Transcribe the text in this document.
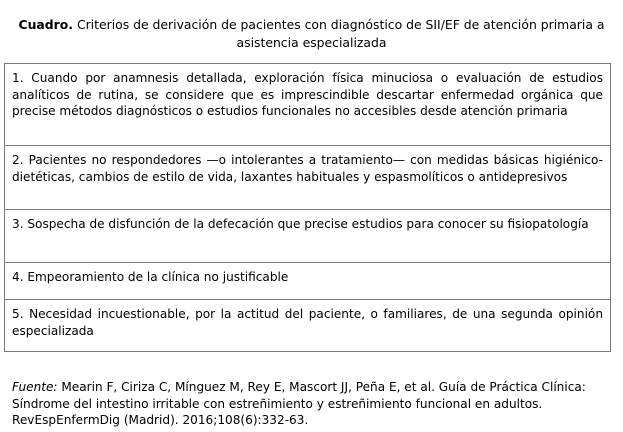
Cuadro. Criterios de derivación de pacientes con diagnóstico de SII/EF de atención primaria a asistencia especializada
1. Cuando por anamnesis detallada, exploración física minuciosa o evaluación de estudios analíticos de rutina, se considere que es imprescindible descartar enfermedad orgánica que precise métodos diagnósticos o estudios funcionales no accesibles desde atención primaria
2. Pacientes no respondedores —o intolerantes a tratamiento— con medidas básicas higiénico-dietéticas, cambios de estilo de vida, laxantes habituales y espasmolíticos o antidepresivos
3. Sospecha de disfunción de la defecación que precise estudios para conocer su fisiopatología
4. Empeoramiento de la clínica no justificable
5. Necesidad incuestionable, por la actitud del paciente, o familiares, de una segunda opinión especializada
Fuente: Mearin F, Ciriza C, Mínguez M, Rey E, Mascort JJ, Peña E, et al. Guía de Práctica Clínica: Síndrome del intestino irritable con estreñimiento y estreñimiento funcional en adultos. RevEspEnfermDig (Madrid). 2016;108(6):332-63.
